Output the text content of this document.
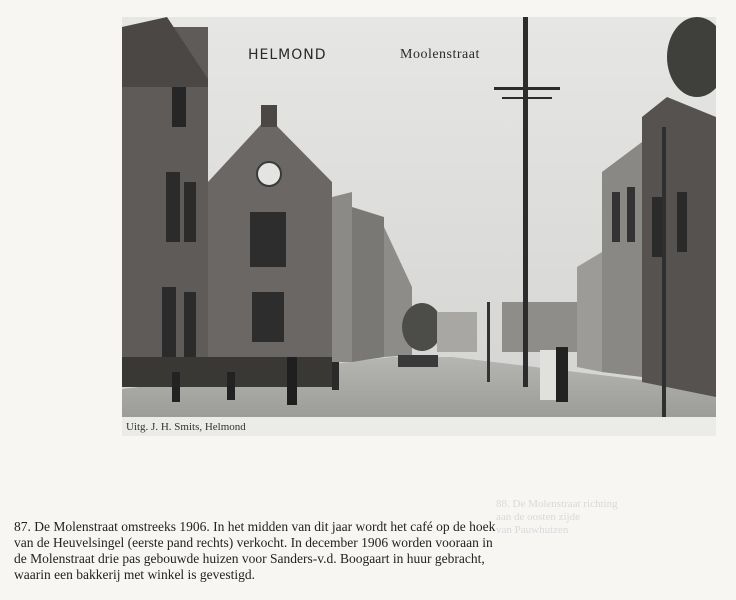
HELMOND	Moolenstraat
Uitg. J. H. Smits, Helmond
88. De Molenstraat richting
aan de oosten zijde
van Pauwhuizen
87. De Molenstraat omstreeks 1906. In het midden van dit jaar wordt het café op de hoek
van de Heuvelsingel (eerste pand rechts) verkocht. In december 1906 worden vooraan in
de Molenstraat drie pas gebouwde huizen voor Sanders-v.d. Boogaart in huur gebracht,
waarin een bakkerij met winkel is gevestigd.
